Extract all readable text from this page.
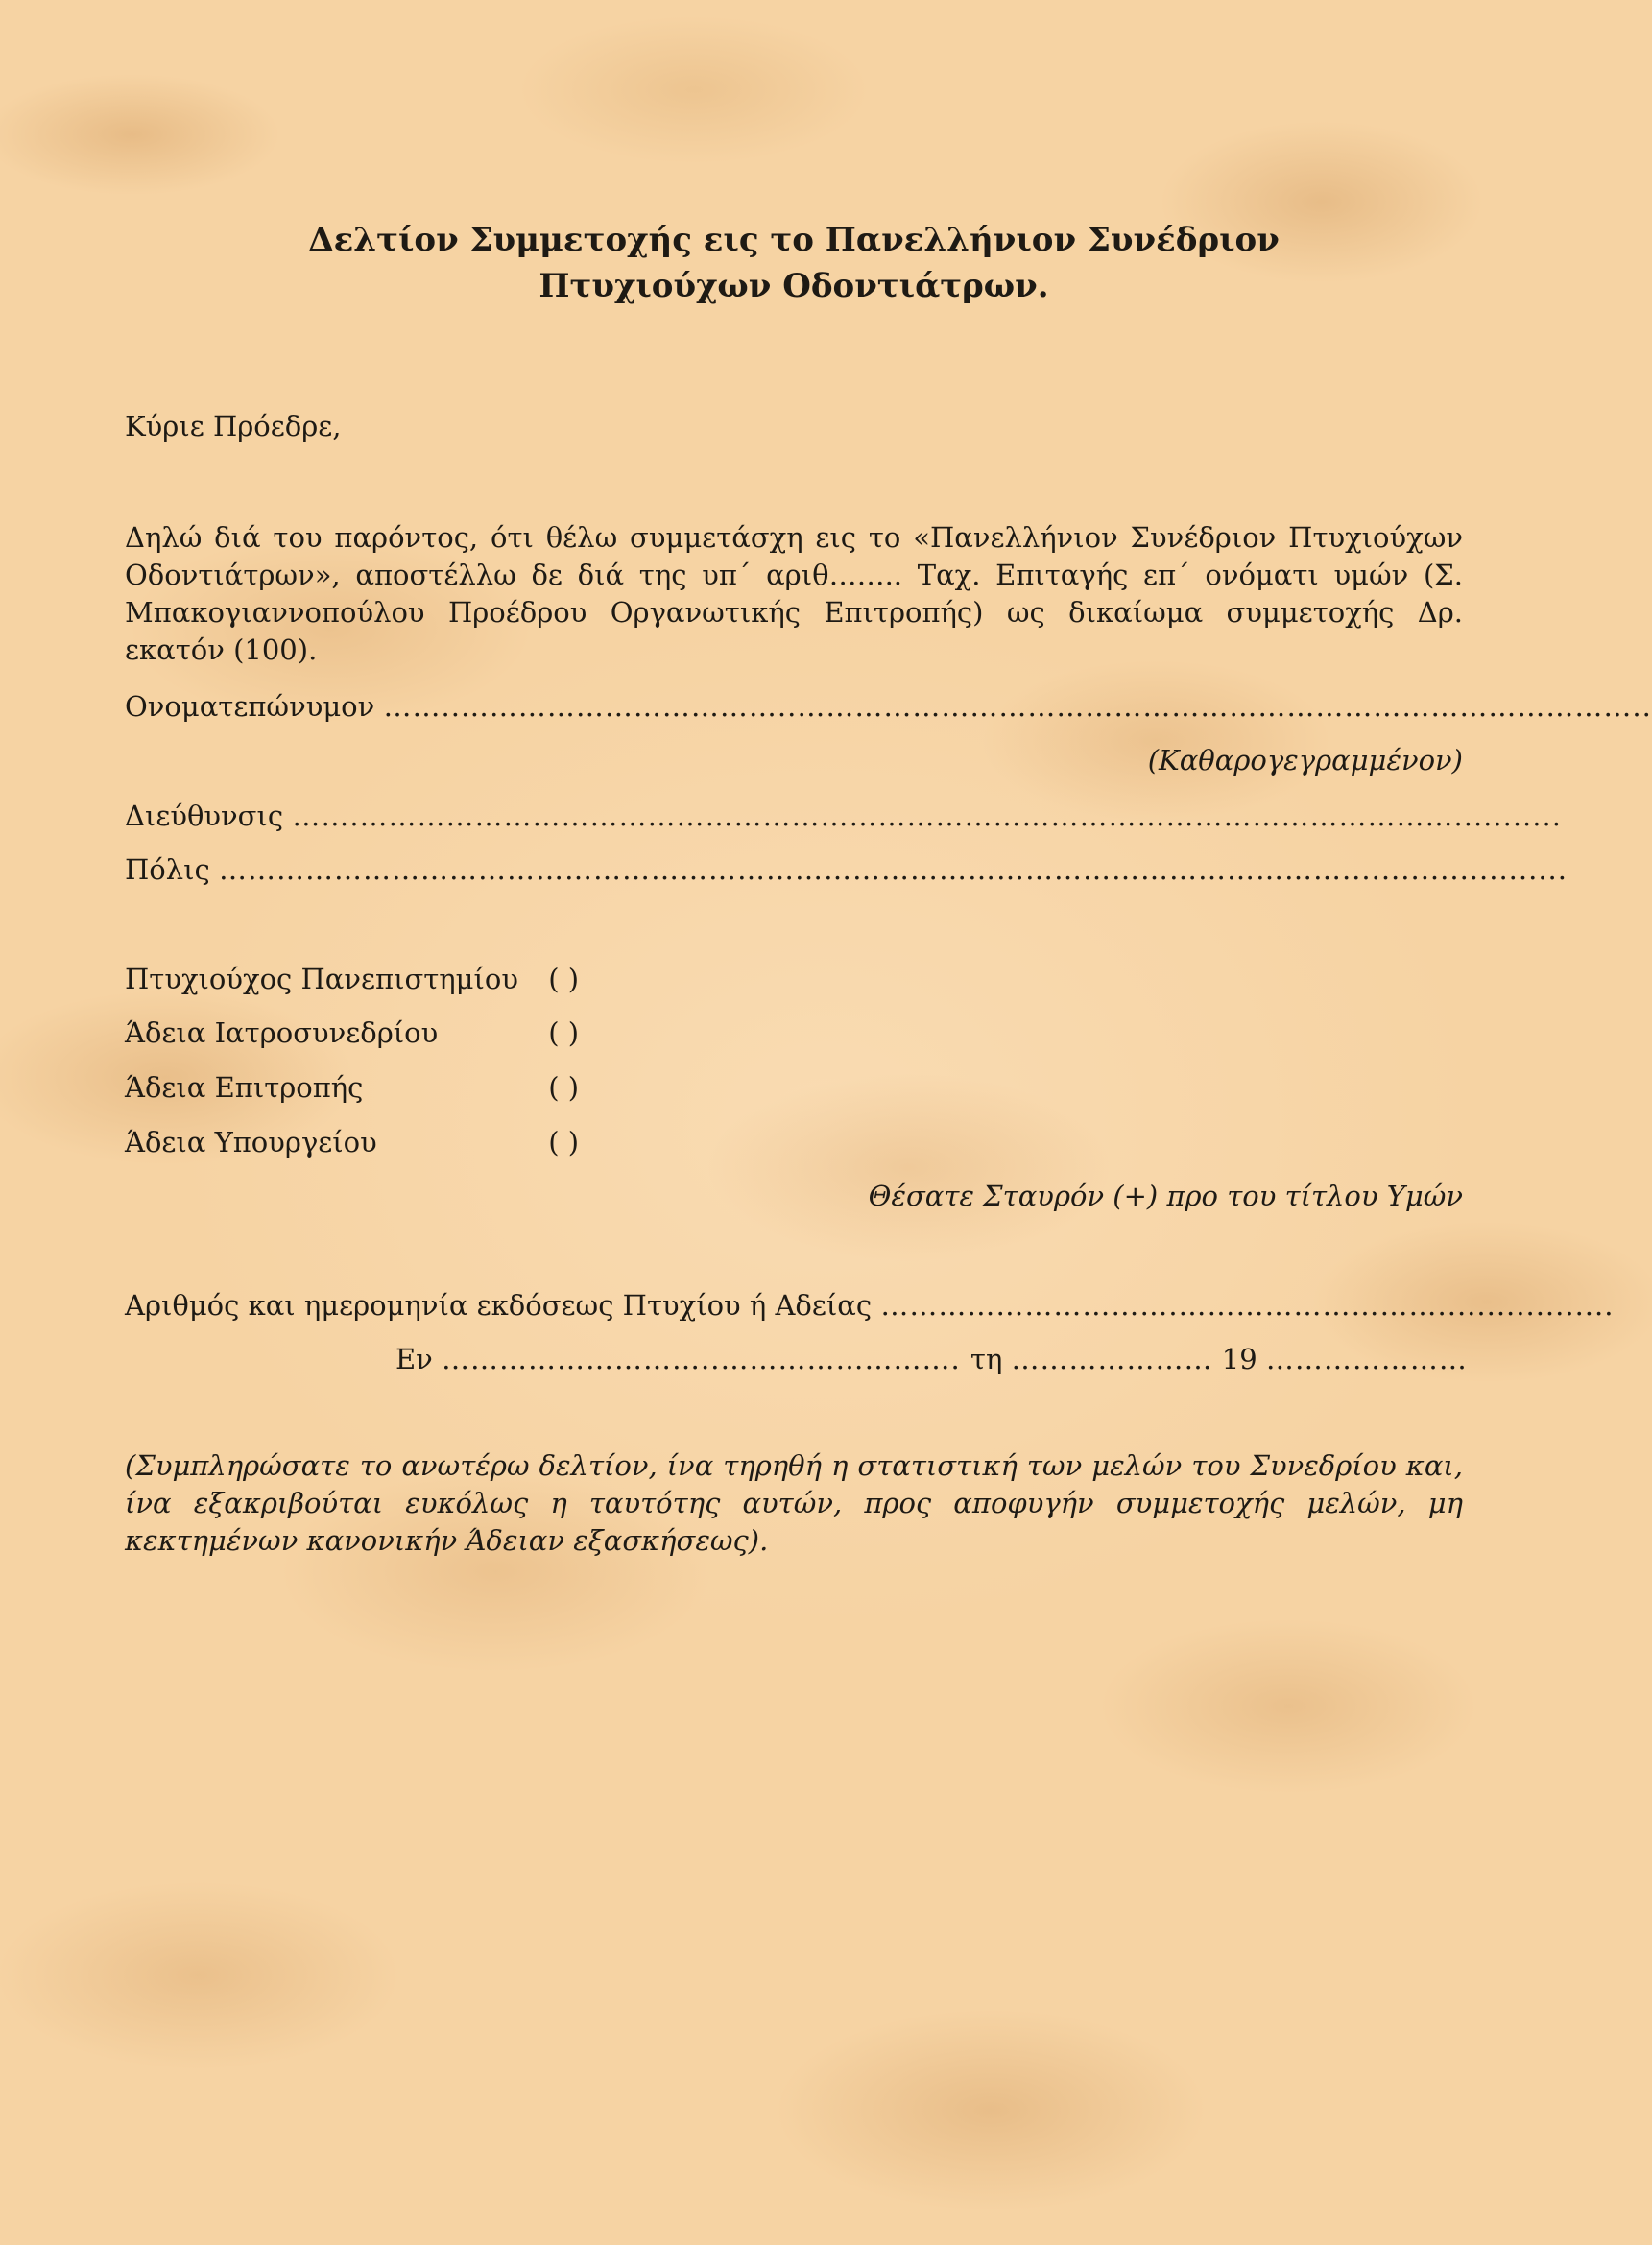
Δελτίον Συμμετοχής εις το Πανελλήνιον Συνέδριον
Πτυχιούχων Οδοντιάτρων.
Κύριε Πρόεδρε,

Δηλώ διά του παρόντος, ότι θέλω συμμετάσχη εις το «Πανελλήνιον Συνέδριον Πτυχιούχων Οδοντιάτρων», αποστέλλω δε διά της υπ΄ αριθ…….. Ταχ. Επιταγής επ΄ ονόματι υμών (Σ. Μπακογιαννοπούλου Προέδρου Οργανωτικής Επιτροπής) ως δικαίωμα συμμετοχής Δρ. εκατόν (100).

Ονοματεπώνυμον ……..……………………………..……………………………………………………………………………..
(Καθαρογεγραμμένον)
Διεύθυνσις …….……………………………………………………………………………………………………...........
Πόλις ……………………………………………………………………………………………………….......................
Πτυχιούχος Πανεπιστημίου ( )
Άδεια Ιατροσυνεδρίου	( )
Άδεια Επιτροπής	( )
Άδεια Υπουργείου	( )
Θέσατε Σταυρόν (+) προ του τίτλου Υμών
Αριθμός και ημερομηνία εκδόσεως Πτυχίου ή Αδείας ………………………….………………………..................
Εν ………………………..……………………. τη ………………… 19 …………………

(Συμπληρώσατε το ανωτέρω δελτίον, ίνα τηρηθή η στατιστική των μελών του Συνεδρίου και, ίνα εξακριβούται ευκόλως η ταυτότης αυτών, προς αποφυγήν συμμετοχής μελών, μη κεκτημένων κανονικήν Άδειαν εξασκήσεως).
